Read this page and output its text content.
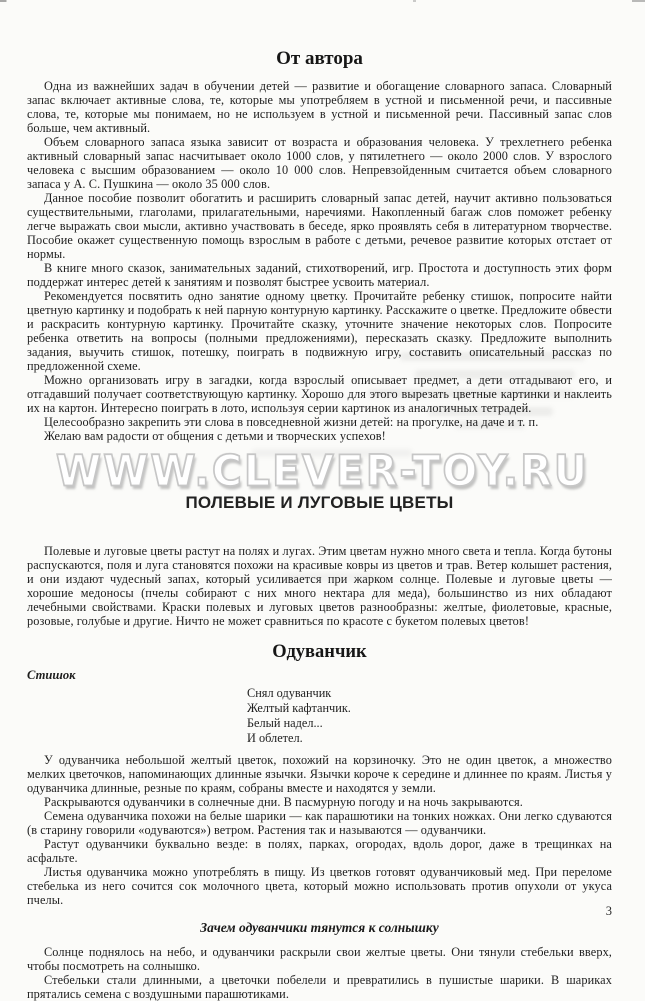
WWW.CLEVER-TOY.RU
От автора

Одна из важнейших задач в обучении детей — развитие и обогащение словарного запаса. Словарный запас включает активные слова, те, которые мы употребляем в устной и письменной речи, и пассивные слова, те, которые мы понимаем, но не используем в устной и письменной речи. Пассивный запас слов больше, чем активный.

Объем словарного запаса языка зависит от возраста и образования человека. У трехлетнего ребенка активный словарный запас насчитывает около 1000 слов, у пятилетнего — около 2000 слов. У взрослого человека с высшим образованием — около 10 000 слов. Непревзойденным считается объем словарного запаса у А. С. Пушкина — около 35 000 слов.

Данное пособие позволит обогатить и расширить словарный запас детей, научит активно пользоваться существительными, глаголами, прилагательными, наречиями. Накопленный багаж слов поможет ребенку легче выражать свои мысли, активно участвовать в беседе, ярко проявлять себя в литературном творчестве. Пособие окажет существенную помощь взрослым в работе с детьми, речевое развитие которых отстает от нормы.

В книге много сказок, занимательных заданий, стихотворений, игр. Простота и доступность этих форм поддержат интерес детей к занятиям и позволят быстрее усвоить материал.

Рекомендуется посвятить одно занятие одному цветку. Прочитайте ребенку стишок, попросите найти цветную картинку и подобрать к ней парную контурную картинку. Расскажите о цветке. Предложите обвести и раскрасить контурную картинку. Прочитайте сказку, уточните значение некоторых слов. Попросите ребенка ответить на вопросы (полными предложениями), пересказать сказку. Предложите выполнить задания, выучить стишок, потешку, поиграть в подвижную игру, составить описательный рассказ по предложенной схеме.

Можно организовать игру в загадки, когда взрослый описывает предмет, а дети отгадывают его, и отгадавший получает соответствующую картинку. Хорошо для этого вырезать цветные картинки и наклеить их на картон. Интересно поиграть в лото, используя серии картинок из аналогичных тетрадей.

Целесообразно закрепить эти слова в повседневной жизни детей: на прогулке, на даче и т. п.

Желаю вам радости от общения с детьми и творческих успехов!

ПОЛЕВЫЕ И ЛУГОВЫЕ ЦВЕТЫ

Полевые и луговые цветы растут на полях и лугах. Этим цветам нужно много света и тепла. Когда бутоны распускаются, поля и луга становятся похожи на красивые ковры из цветов и трав. Ветер колышет растения, и они издают чудесный запах, который усиливается при жарком солнце. Полевые и луговые цветы — хорошие медоносы (пчелы собирают с них много нектара для меда), большинство из них обладают лечебными свойствами. Краски полевых и луговых цветов разнообразны: желтые, фиолетовые, красные, розовые, голубые и другие. Ничто не может сравниться по красоте с букетом полевых цветов!

Одуванчик
Стишок
Снял одуванчик
Желтый кафтанчик.
Белый надел...
И облетел.

У одуванчика небольшой желтый цветок, похожий на корзиночку. Это не один цветок, а множество мелких цветочков, напоминающих длинные язычки. Язычки короче к середине и длиннее по краям. Листья у одуванчика длинные, резные по краям, собраны вместе и находятся у земли.

Раскрываются одуванчики в солнечные дни. В пасмурную погоду и на ночь закрываются.

Семена одуванчика похожи на белые шарики — как парашютики на тонких ножках. Они легко сдуваются (в старину говорили «одуваются») ветром. Растения так и называются — одуванчики.

Растут одуванчики буквально везде: в полях, парках, огородах, вдоль дорог, даже в трещинках на асфальте.

Листья одуванчика можно употреблять в пищу. Из цветков готовят одуванчиковый мед. При переломе стебелька из него сочится сок молочного цвета, который можно использовать против опухоли от укуса пчелы.

Зачем одуванчики тянутся к солнышку

Солнце поднялось на небо, и одуванчики раскрыли свои желтые цветы. Они тянули стебельки вверх, чтобы посмотреть на солнышко.

Стебельки стали длинными, а цветочки побелели и превратились в пушистые шарики. В шариках прятались семена с воздушными парашютиками.

3
